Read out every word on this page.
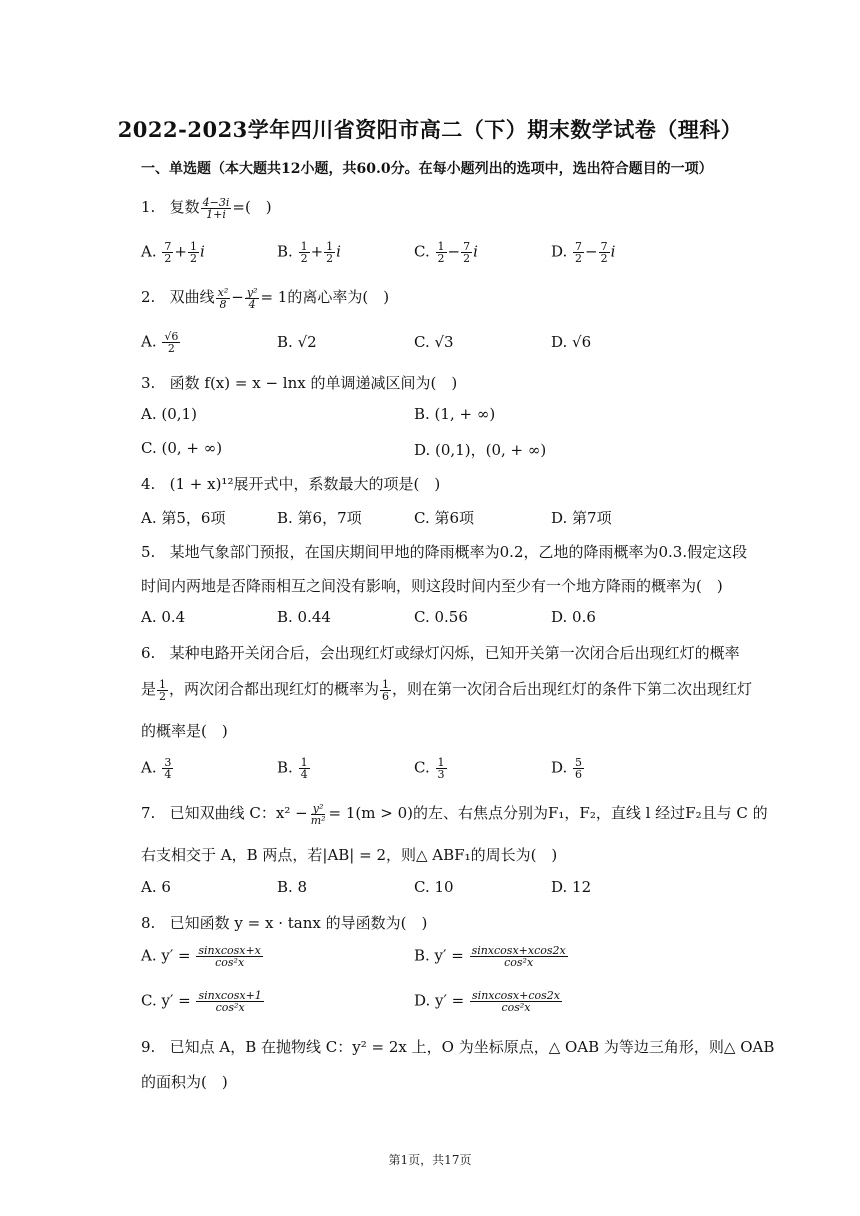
2022-2023学年四川省资阳市高二（下）期末数学试卷（理科）
一、单选题（本大题共12小题，共60.0分。在每小题列出的选项中，选出符合题目的一项）
1. 复数 $\frac{4-3i}{1+i}$ =(　)
A. $\frac{7}{2} + \frac{1}{2}$ i	B. $\frac{1}{2} + \frac{1}{2}$ i	C. $\frac{1}{2} - \frac{7}{2}$ i	D. $\frac{7}{2} - \frac{7}{2}$ i
2. 双曲线 $\frac{\text{x²}}{8} - \frac{\text{y²}}{4} = 1$的离心率为(　)
A. $\frac{√6}{2}$	B. √2	C. √3	D. √6
3. 函数 f(x) = x − lnx 的单调递减区间为(　)
A. (0,1)	B. (1, + ∞)
C. (0, + ∞)	D. (0,1)，(0, + ∞)
4. (1 + x)¹²展开式中，系数最大的项是(　)
A. 第5，6项	B. 第6，7项	C. 第6项	D. 第7项
5. 某地气象部门预报，在国庆期间甲地的降雨概率为0.2，乙地的降雨概率为0.3.假定这段
时间内两地是否降雨相互之间没有影响，则这段时间内至少有一个地方降雨的概率为(　)
A. 0.4	B. 0.44	C. 0.56	D. 0.6
6. 某种电路开关闭合后，会出现红灯或绿灯闪烁，已知开关第一次闭合后出现红灯的概率
是 $\frac{1}{2}$ ，两次闭合都出现红灯的概率为 $\frac{1}{6}$ ，则在第一次闭合后出现红灯的条件下第二次出现红灯
的概率是(　)
A. $\frac{3}{4}$	B. $\frac{1}{4}$	C. $\frac{1}{3}$	D. $\frac{5}{6}$
7. 已知双曲线 C：$x^2 - \frac{\text{y²}}{\text{m²}} = 1(m > 0)$的左、右焦点分别为F₁，F₂，直线 l 经过F₂且与 C 的
右支相交于 A，B 两点，若|AB| = 2，则△ ABF₁的周长为(　)
A. 6	B. 8	C. 10	D. 12
8. 已知函数 y = x · tanx 的导函数为(　)
A. $y' = \frac{\text{sinxcosx+x}}{\text{cos²x}}$	B. $y' = \frac{\text{sinxcosx+xcos2x}}{\text{cos²x}}$
C. $y' = \frac{\text{sinxcosx+1}}{\text{cos²x}}$	D. $y' = \frac{\text{sinxcosx+cos2x}}{\text{cos²x}}$
9. 已知点 A，B 在抛物线 C：y² = 2x 上，O 为坐标原点，△ OAB 为等边三角形，则△ OAB
的面积为(　)
第1页，共17页
